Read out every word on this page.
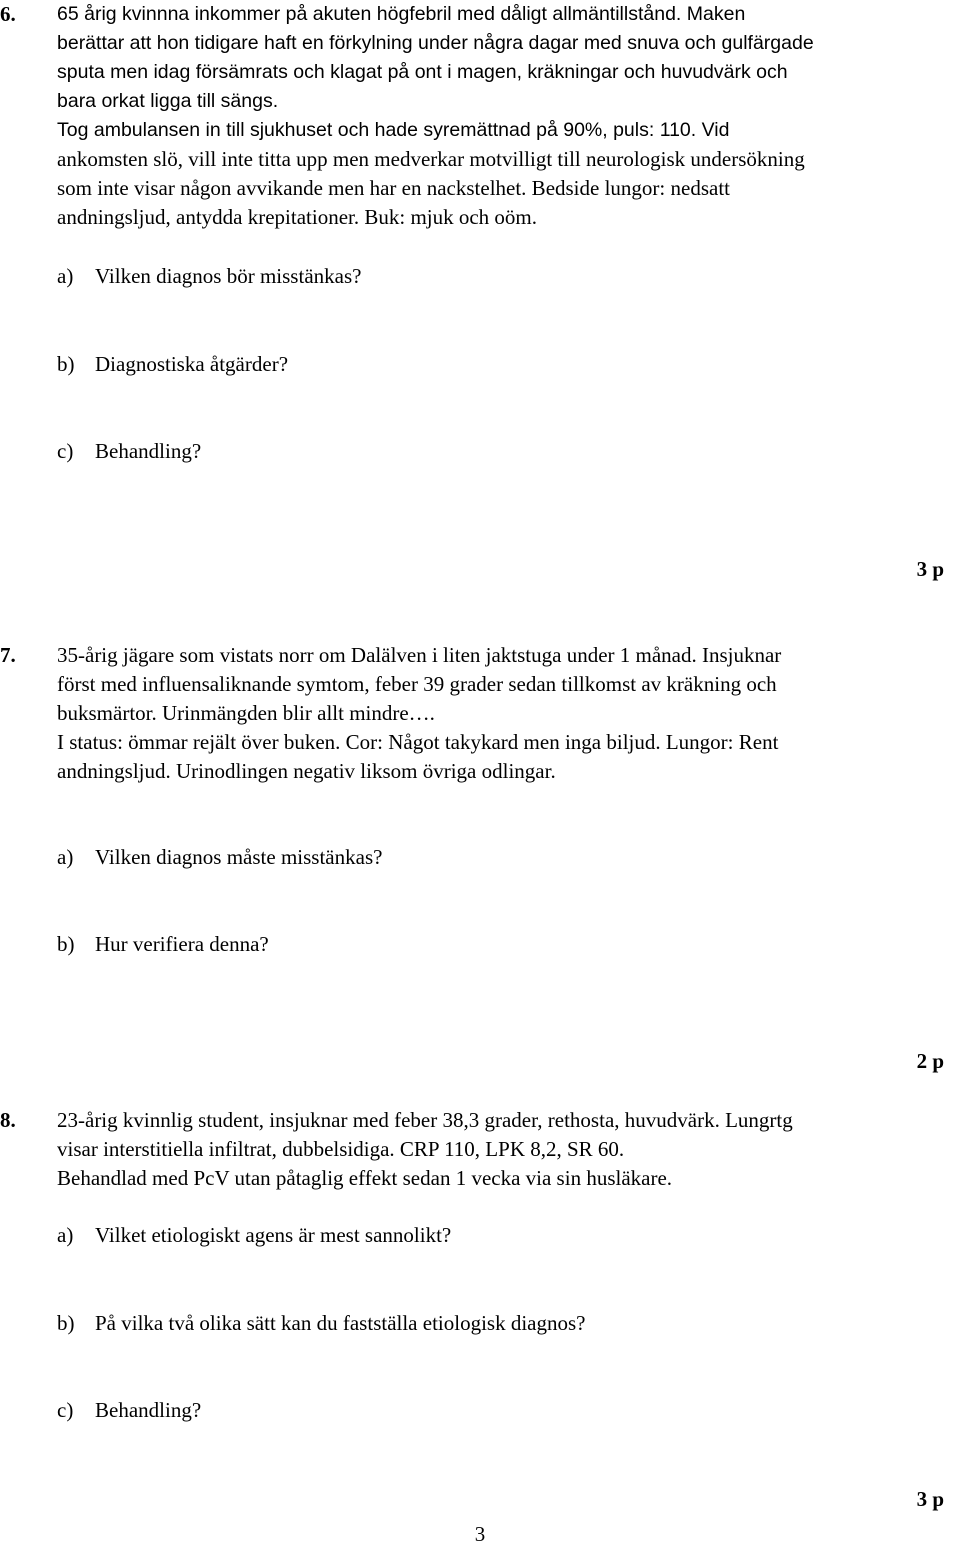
6. 65 årig kvinnna inkommer på akuten högfebril med dåligt allmäntillstånd. Maken
berättar att hon tidigare haft en förkylning under några dagar med snuva och gulfärgade
sputa men idag försämrats och klagat på ont i magen, kräkningar och huvudvärk och
bara orkat ligga till sängs.
Tog ambulansen in till sjukhuset och hade syremättnad på 90%, puls: 110. Vid
ankomsten slö, vill inte titta upp men medverkar motvilligt till neurologisk undersökning
som inte visar någon avvikande men har en nackstelhet. Bedside lungor: nedsatt
andningsljud, antydda krepitationer. Buk: mjuk och oöm.
a) Vilken diagnos bör misstänkas?
b) Diagnostiska åtgärder?
c) Behandling?
3 p
7. 35-årig jägare som vistats norr om Dalälven i liten jaktstuga under 1 månad. Insjuknar
först med influensaliknande symtom, feber 39 grader sedan tillkomst av kräkning och
buksmärtor. Urinmängden blir allt mindre….
I status: ömmar rejält över buken. Cor: Något takykard men inga biljud. Lungor: Rent
andningsljud. Urinodlingen negativ liksom övriga odlingar.
a) Vilken diagnos måste misstänkas?
b) Hur verifiera denna?
2 p
8. 23-årig kvinnlig student, insjuknar med feber 38,3 grader, rethosta, huvudvärk. Lungrtg
visar interstitiella infiltrat, dubbelsidiga. CRP 110, LPK 8,2, SR 60.
Behandlad med PcV utan påtaglig effekt sedan 1 vecka via sin husläkare.
a) Vilket etiologiskt agens är mest sannolikt?
b) På vilka två olika sätt kan du fastställa etiologisk diagnos?
c) Behandling?
3 p
3
